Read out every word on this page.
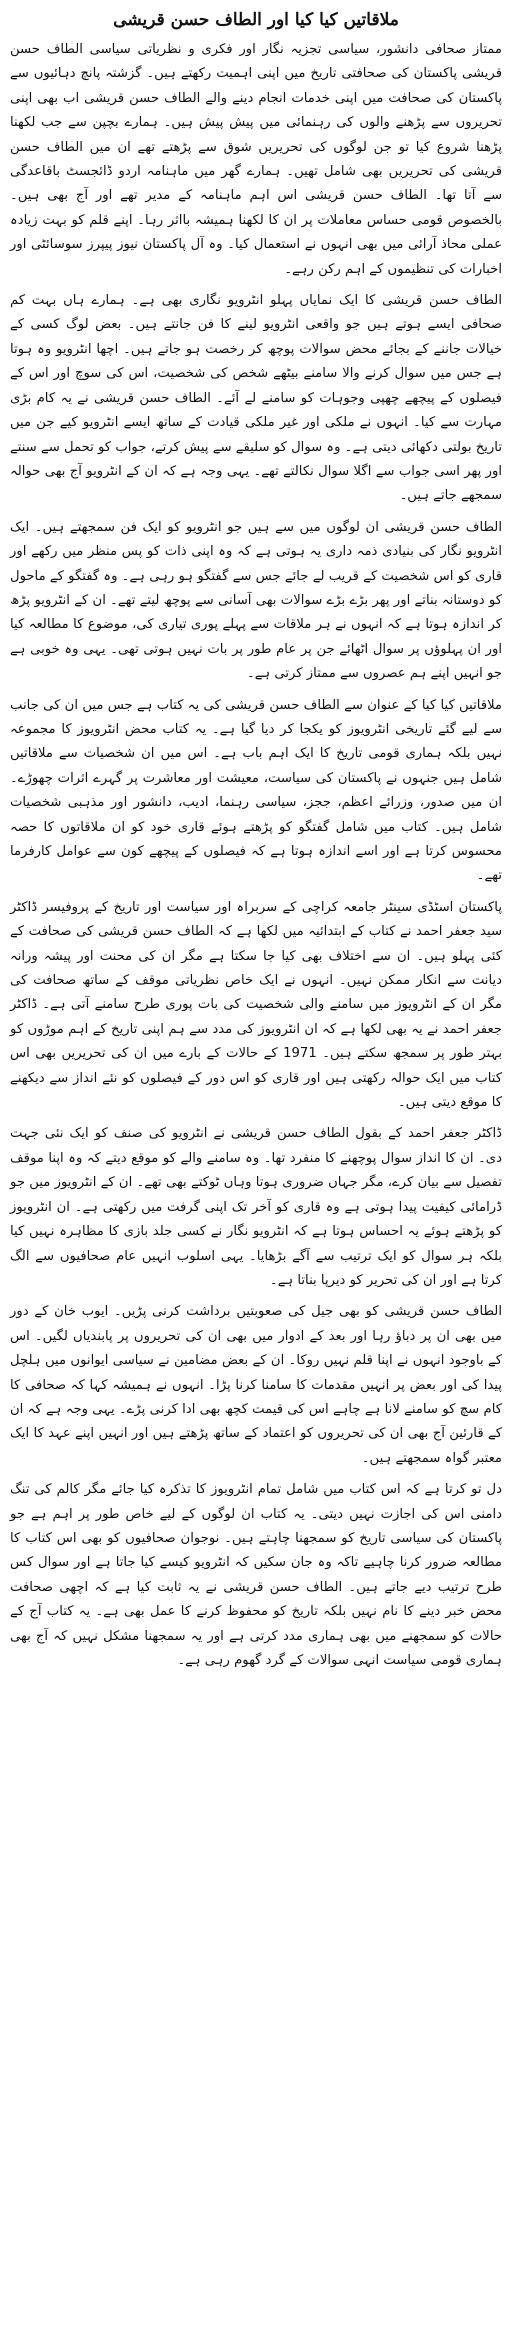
ملاقاتیں کیا کیا اور الطاف حسن قریشی

ممتاز صحافی دانشور، سیاسی تجزیہ نگار اور فکری و نظریاتی سیاسی الطاف حسن قریشی پاکستان کی صحافتی تاریخ میں اپنی اہمیت رکھتے ہیں۔ گزشتہ پانچ دہائیوں سے پاکستان کی صحافت میں اپنی خدمات انجام دینے والے الطاف حسن قریشی اب بھی اپنی تحریروں سے پڑھنے والوں کی رہنمائی میں پیش پیش ہیں۔ ہمارے بچپن سے جب لکھنا پڑھنا شروع کیا تو جن لوگوں کی تحریریں شوق سے پڑھتے تھے ان میں الطاف حسن قریشی کی تحریریں بھی شامل تھیں۔ ہمارے گھر میں ماہنامہ اردو ڈائجسٹ باقاعدگی سے آتا تھا۔ الطاف حسن قریشی اس اہم ماہنامہ کے مدیر تھے اور آج بھی ہیں۔ بالخصوص قومی حساس معاملات پر ان کا لکھنا ہمیشہ بااثر رہا۔ اپنے قلم کو بہت زیادہ عملی محاذ آرائی میں بھی انہوں نے استعمال کیا۔ وہ آل پاکستان نیوز پیپرز سوسائٹی اور اخبارات کی تنظیموں کے اہم رکن رہے۔

الطاف حسن قریشی کا ایک نمایاں پہلو انٹرویو نگاری بھی ہے۔ ہمارے ہاں بہت کم صحافی ایسے ہوتے ہیں جو واقعی انٹرویو لینے کا فن جانتے ہیں۔ بعض لوگ کسی کے خیالات جاننے کے بجائے محض سوالات پوچھ کر رخصت ہو جاتے ہیں۔ اچھا انٹرویو وہ ہوتا ہے جس میں سوال کرنے والا سامنے بیٹھے شخص کی شخصیت، اس کی سوچ اور اس کے فیصلوں کے پیچھے چھپی وجوہات کو سامنے لے آئے۔ الطاف حسن قریشی نے یہ کام بڑی مہارت سے کیا۔ انہوں نے ملکی اور غیر ملکی قیادت کے ساتھ ایسے انٹرویو کیے جن میں تاریخ بولتی دکھائی دیتی ہے۔ وہ سوال کو سلیقے سے پیش کرتے، جواب کو تحمل سے سنتے اور پھر اسی جواب سے اگلا سوال نکالتے تھے۔ یہی وجہ ہے کہ ان کے انٹرویو آج بھی حوالہ سمجھے جاتے ہیں۔

الطاف حسن قریشی ان لوگوں میں سے ہیں جو انٹرویو کو ایک فن سمجھتے ہیں۔ ایک انٹرویو نگار کی بنیادی ذمہ داری یہ ہوتی ہے کہ وہ اپنی ذات کو پس منظر میں رکھے اور قاری کو اس شخصیت کے قریب لے جائے جس سے گفتگو ہو رہی ہے۔ وہ گفتگو کے ماحول کو دوستانہ بناتے اور پھر بڑے بڑے سوالات بھی آسانی سے پوچھ لیتے تھے۔ ان کے انٹرویو پڑھ کر اندازہ ہوتا ہے کہ انہوں نے ہر ملاقات سے پہلے پوری تیاری کی، موضوع کا مطالعہ کیا اور ان پہلوؤں پر سوال اٹھائے جن پر عام طور پر بات نہیں ہوتی تھی۔ یہی وہ خوبی ہے جو انہیں اپنے ہم عصروں سے ممتاز کرتی ہے۔

ملاقاتیں کیا کیا کے عنوان سے الطاف حسن قریشی کی یہ کتاب ہے جس میں ان کی جانب سے لیے گئے تاریخی انٹرویوز کو یکجا کر دیا گیا ہے۔ یہ کتاب محض انٹرویوز کا مجموعہ نہیں بلکہ ہماری قومی تاریخ کا ایک اہم باب ہے۔ اس میں ان شخصیات سے ملاقاتیں شامل ہیں جنہوں نے پاکستان کی سیاست، معیشت اور معاشرت پر گہرے اثرات چھوڑے۔ ان میں صدور، وزرائے اعظم، ججز، سیاسی رہنما، ادیب، دانشور اور مذہبی شخصیات شامل ہیں۔ کتاب میں شامل گفتگو کو پڑھتے ہوئے قاری خود کو ان ملاقاتوں کا حصہ محسوس کرتا ہے اور اسے اندازہ ہوتا ہے کہ فیصلوں کے پیچھے کون سے عوامل کارفرما تھے۔

پاکستان اسٹڈی سینٹر جامعہ کراچی کے سربراہ اور سیاست اور تاریخ کے پروفیسر ڈاکٹر سید جعفر احمد نے کتاب کے ابتدائیہ میں لکھا ہے کہ الطاف حسن قریشی کی صحافت کے کئی پہلو ہیں۔ ان سے اختلاف بھی کیا جا سکتا ہے مگر ان کی محنت اور پیشہ ورانہ دیانت سے انکار ممکن نہیں۔ انہوں نے ایک خاص نظریاتی موقف کے ساتھ صحافت کی مگر ان کے انٹرویوز میں سامنے والی شخصیت کی بات پوری طرح سامنے آتی ہے۔ ڈاکٹر جعفر احمد نے یہ بھی لکھا ہے کہ ان انٹرویوز کی مدد سے ہم اپنی تاریخ کے اہم موڑوں کو بہتر طور پر سمجھ سکتے ہیں۔ 1971 کے حالات کے بارے میں ان کی تحریریں بھی اس کتاب میں ایک حوالہ رکھتی ہیں اور قاری کو اس دور کے فیصلوں کو نئے انداز سے دیکھنے کا موقع دیتی ہیں۔

ڈاکٹر جعفر احمد کے بقول الطاف حسن قریشی نے انٹرویو کی صنف کو ایک نئی جہت دی۔ ان کا انداز سوال پوچھنے کا منفرد تھا۔ وہ سامنے والے کو موقع دیتے کہ وہ اپنا موقف تفصیل سے بیان کرے، مگر جہاں ضروری ہوتا وہاں ٹوکتے بھی تھے۔ ان کے انٹرویوز میں جو ڈرامائی کیفیت پیدا ہوتی ہے وہ قاری کو آخر تک اپنی گرفت میں رکھتی ہے۔ ان انٹرویوز کو پڑھتے ہوئے یہ احساس ہوتا ہے کہ انٹرویو نگار نے کسی جلد بازی کا مظاہرہ نہیں کیا بلکہ ہر سوال کو ایک ترتیب سے آگے بڑھایا۔ یہی اسلوب انہیں عام صحافیوں سے الگ کرتا ہے اور ان کی تحریر کو دیرپا بناتا ہے۔

الطاف حسن قریشی کو بھی جیل کی صعوبتیں برداشت کرنی پڑیں۔ ایوب خان کے دور میں بھی ان پر دباؤ رہا اور بعد کے ادوار میں بھی ان کی تحریروں پر پابندیاں لگیں۔ اس کے باوجود انہوں نے اپنا قلم نہیں روکا۔ ان کے بعض مضامین نے سیاسی ایوانوں میں ہلچل پیدا کی اور بعض پر انہیں مقدمات کا سامنا کرنا پڑا۔ انہوں نے ہمیشہ کہا کہ صحافی کا کام سچ کو سامنے لانا ہے چاہے اس کی قیمت کچھ بھی ادا کرنی پڑے۔ یہی وجہ ہے کہ ان کے قارئین آج بھی ان کی تحریروں کو اعتماد کے ساتھ پڑھتے ہیں اور انہیں اپنے عہد کا ایک معتبر گواہ سمجھتے ہیں۔

دل تو کرتا ہے کہ اس کتاب میں شامل تمام انٹرویوز کا تذکرہ کیا جائے مگر کالم کی تنگ دامنی اس کی اجازت نہیں دیتی۔ یہ کتاب ان لوگوں کے لیے خاص طور پر اہم ہے جو پاکستان کی سیاسی تاریخ کو سمجھنا چاہتے ہیں۔ نوجوان صحافیوں کو بھی اس کتاب کا مطالعہ ضرور کرنا چاہیے تاکہ وہ جان سکیں کہ انٹرویو کیسے کیا جاتا ہے اور سوال کس طرح ترتیب دیے جاتے ہیں۔ الطاف حسن قریشی نے یہ ثابت کیا ہے کہ اچھی صحافت محض خبر دینے کا نام نہیں بلکہ تاریخ کو محفوظ کرنے کا عمل بھی ہے۔ یہ کتاب آج کے حالات کو سمجھنے میں بھی ہماری مدد کرتی ہے اور یہ سمجھنا مشکل نہیں کہ آج بھی ہماری قومی سیاست انہی سوالات کے گرد گھوم رہی ہے۔
